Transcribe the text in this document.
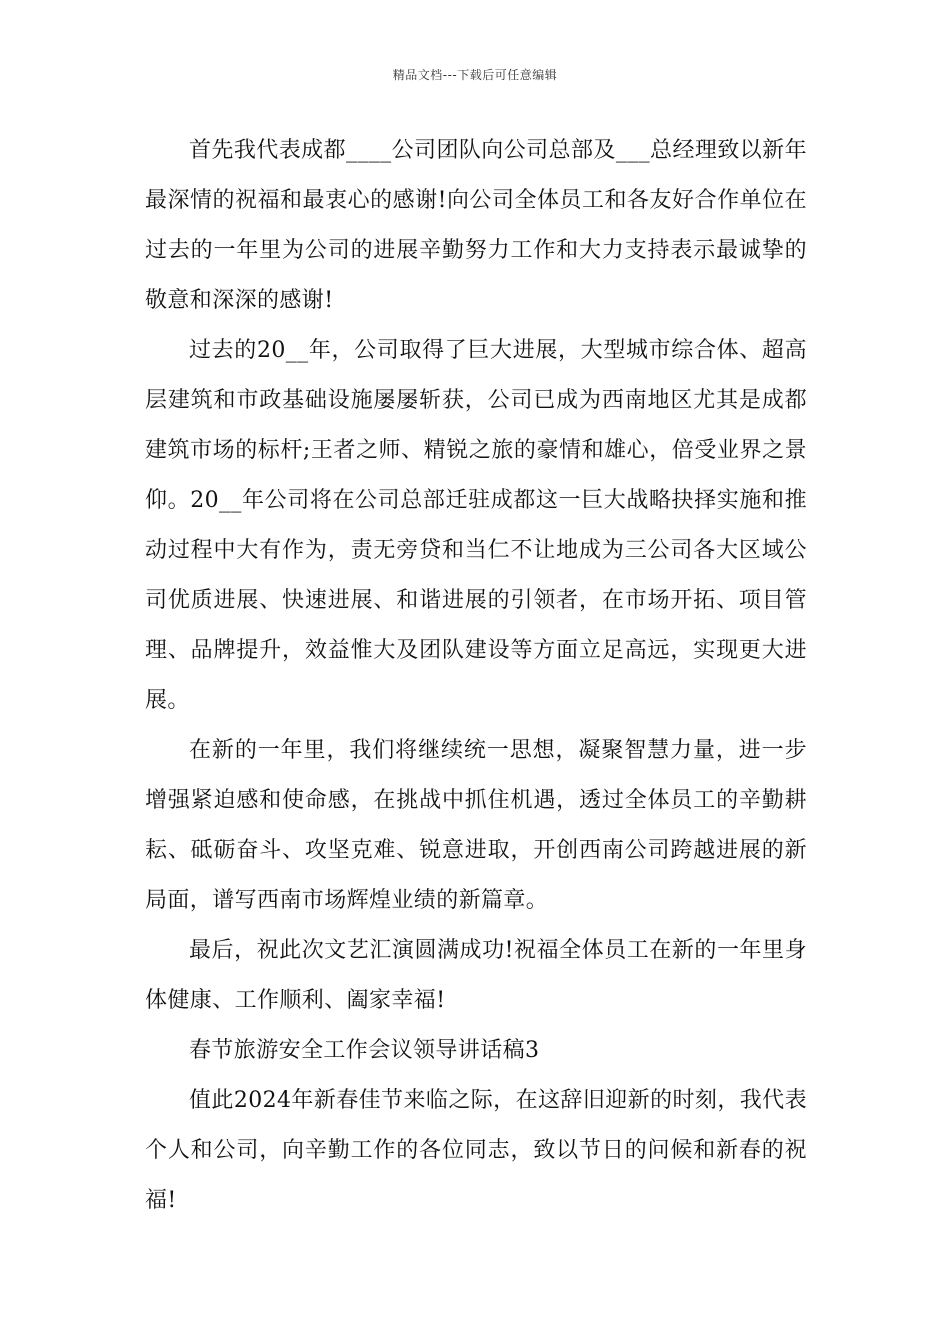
精品文档---下载后可任意编辑

首先我代表成都____公司团队向公司总部及___总经理致以新年最深情的祝福和最衷心的感谢!向公司全体员工和各友好合作单位在过去的一年里为公司的进展辛勤努力工作和大力支持表示最诚挚的敬意和深深的感谢!

过去的20__年，公司取得了巨大进展，大型城市综合体、超高层建筑和市政基础设施屡屡斩获，公司已成为西南地区尤其是成都建筑市场的标杆;王者之师、精锐之旅的豪情和雄心，倍受业界之景仰。20__年公司将在公司总部迁驻成都这一巨大战略抉择实施和推动过程中大有作为，责无旁贷和当仁不让地成为三公司各大区域公司优质进展、快速进展、和谐进展的引领者，在市场开拓、项目管理、品牌提升，效益惟大及团队建设等方面立足高远，实现更大进展。

在新的一年里，我们将继续统一思想，凝聚智慧力量，进一步增强紧迫感和使命感，在挑战中抓住机遇，透过全体员工的辛勤耕耘、砥砺奋斗、攻坚克难、锐意进取，开创西南公司跨越进展的新局面，谱写西南市场辉煌业绩的新篇章。

最后，祝此次文艺汇演圆满成功!祝福全体员工在新的一年里身体健康、工作顺利、阖家幸福!

春节旅游安全工作会议领导讲话稿3

值此2024年新春佳节来临之际，在这辞旧迎新的时刻，我代表个人和公司，向辛勤工作的各位同志，致以节日的问候和新春的祝福!
